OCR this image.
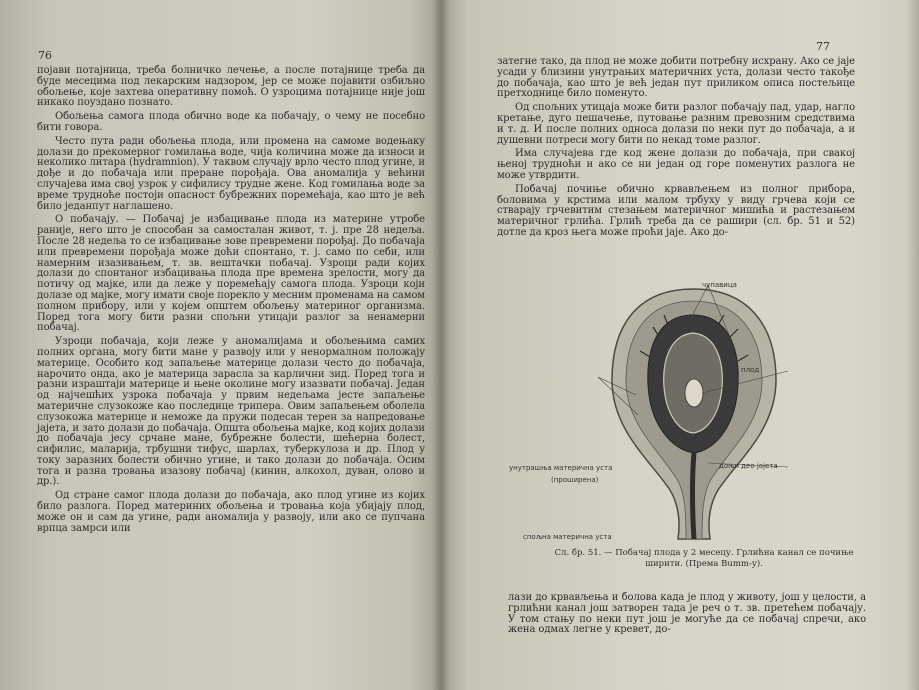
76

појави потајница, треба болничко лечење, а после потајнице треба да буде месецима под лекарским надзором, јер се може појавити озбиљно обољење, које захтева оперативну помоћ. О узроцима потајнице није још никако поуздано познато.

Обољења самога плода обично воде ка побачају, о чему не посебно бити говора.

Често пута ради обољења плода, или промена на самоме водењаку долази до прекомерног гомилања воде, чија количина може да износи и неколико литара (hydramnion). У таквом случају врло често плод угине, и дође и до побачаја или преране порођаја. Ова аномалија у већини случајева има свој узрок у сифилису трудне жене. Код гомилања воде за време трудноће постоји опасност бубрежних поремећаја, као што је већ било једанпут наглашено.

О побачају. — Побачај је избацивање плода из материне утробе раније, него што је способан за самосталан живот, т. ј. пре 28 недеља. После 28 недеља то се избацивање зове превремени порођај. До побачаја или превремени порођаја може доћи спонтано, т. ј. само по себи, или намерним изазивањем, т. зв. вештачки побачај. Узроци ради којих долази до спонтаног избацивања плода пре времена зрелости, могу да потичу од мајке, или да леже у поремећају самога плода. Узроци који долазе од мајке, могу имати своје порекло у месним променама на самом полном прибору, или у којем општем обољењу материног организма. Поред тога могу бити разни спољни утицаји разлог за ненамерни побачај.

Узроци побачаја, који леже у аномалијама и обољењима самих полних органа, могу бити мане у развоју или у ненормалном положају материце. Особито код запаљење материце долази често до побачаја, нарочито онда, ако је материца зарасла за карлични зид. Поред тога и разни израштаји материце и њене околине могу изазвати побачај. Један од најчешћих узрока побачаја у првим недељама јесте запаљење материчне слузокоже као последице трипера. Овим запаљењем оболела слузокожа материце и неможе да пружи подесан терен за напредовање јајета, и зато долази до побачаја. Општа обољења мајке, код којих долази до побачаја јесу срчане мане, бубрежне болести, шећерна болест, сифилис, маларија, трбушни тифус, шарлах, туберкулоза и др. Плод у току заразних болести обично угине, и тако долази до побачаја. Осим тога и разна тровања изазову побачај (кинин, алкохол, дуван, олово и др.).

Од стране самог плода долази до побачаја, ако плод угине из којих било разлога. Поред материних обољења и тровања која убијају плод, може он и сам да угине, ради аномалија у развоју, или ако се пупчана врпца замрси или

77

затегне тако, да плод не може добити потребну исхрану. Ако се јаје усади у близини унутрањих материчних уста, долази често такође до побачаја, као што је већ један пут приликом описа постељице претходнице било поменуто.

Од спољних утицаја може бити разлог побачају пад, удар, нагло кретање, дуго пешачење, путовање разним превозним средствима и т. д. И после полних односа долази по неки пут до побачаја, а и душевни потреси могу бити по некад томе разлог.

Има случајева где код жене долази до побачаја, при свакој њеној трудноћи и ако се ни један од горе поменутих разлога не може утврдити.

Побачај почиње обично крвављењем из полног прибора, боловима у крстима или малом трбуху у виду грчева који се стварају грчевитим стезањем материчног мишића и растезањем материчног грлића. Грлић треба да се рашири (сл. бр. 51 и 52) дотле да кроз њега може проћи јаје. Ако до-

лази до крвављења и болова када је плод у животу, још у целости, а грлићни канал још затворен тада је реч о т. зв. претећем побачају. У том стању по неки пут још је могуће да се побачај спречи, ако жена одмах легне у кревет, до-

чупавица
плод
доњи део јајета
унутрашња матерична уста
(проширена)
спољна матерична уста
Сл. бр. 51. — Побачај плода у 2 месецу. Грлићна канал се почиње ширити. (Према Bumm-у).
